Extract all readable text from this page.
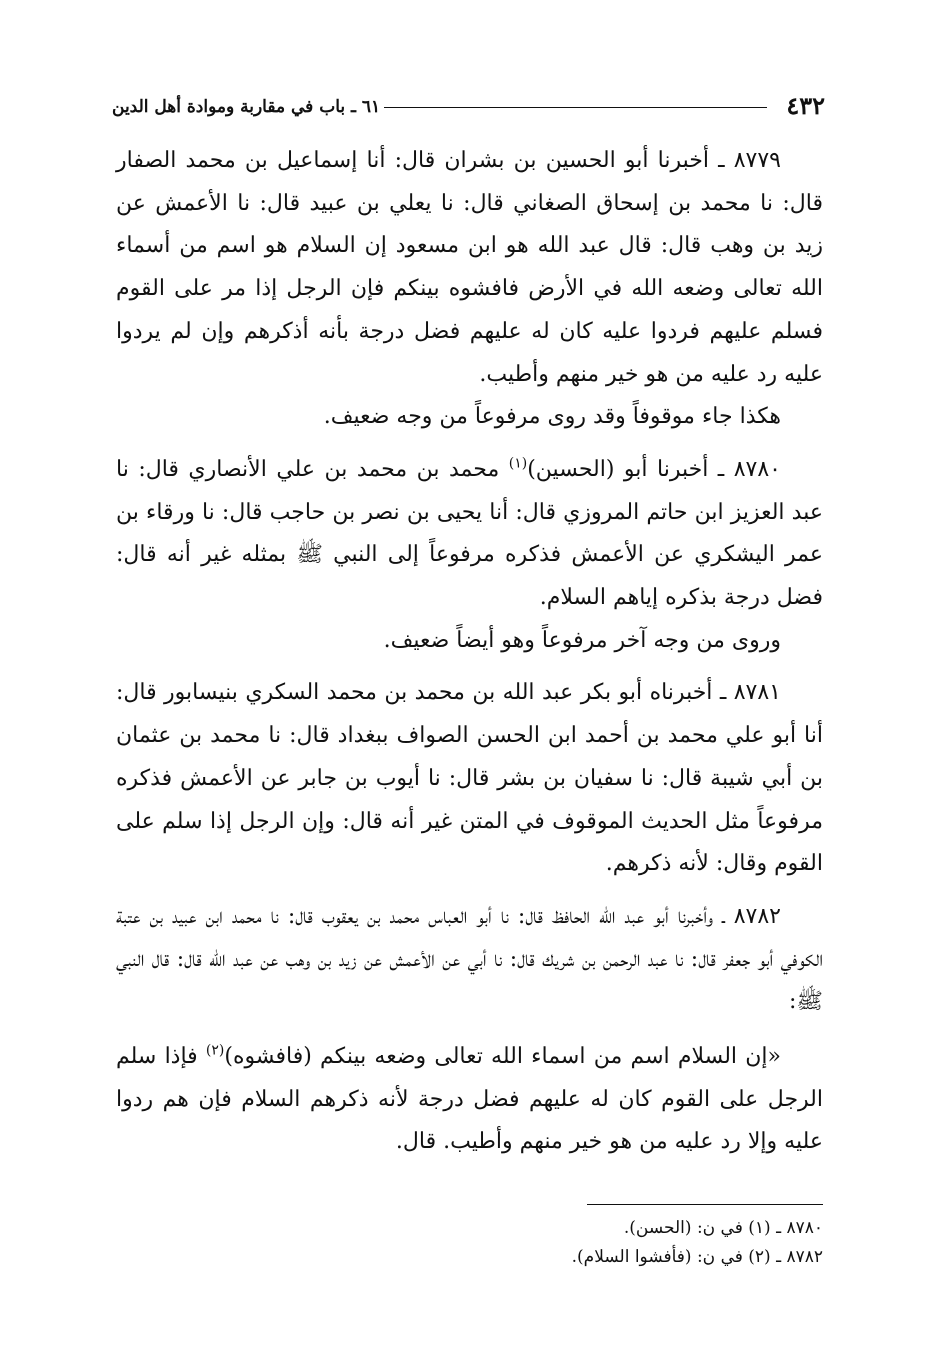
٤٣٢
٦١ ـ باب في مقاربة وموادة أهل الدين

٨٧٧٩ ـ أخبرنا أبو الحسين بن بشران قال: أنا إسماعيل بن محمد الصفار قال: نا محمد بن إسحاق الصغاني قال: نا يعلي بن عبيد قال: نا الأعمش عن زيد بن وهب قال: قال عبد الله هو ابن مسعود إن السلام هو اسم من أسماء الله تعالى وضعه الله في الأرض فافشوه بينكم فإن الرجل إذا مر على القوم فسلم عليهم فردوا عليه كان له عليهم فضل درجة بأنه أذكرهم وإن لم يردوا عليه رد عليه من هو خير منهم وأطيب.

هكذا جاء موقوفاً وقد روى مرفوعاً من وجه ضعيف.

٨٧٨٠ ـ أخبرنا أبو (الحسين)$^{(١)}$ محمد بن محمد بن علي الأنصاري قال: نا عبد العزيز ابن حاتم المروزي قال: أنا يحيى بن نصر بن حاجب قال: نا ورقاء بن عمر اليشكري عن الأعمش فذكره مرفوعاً إلى النبي ﷺ بمثله غير أنه قال: فضل درجة بذكره إياهم السلام.

وروى من وجه آخر مرفوعاً وهو أيضاً ضعيف.

٨٧٨١ ـ أخبرناه أبو بكر عبد الله بن محمد بن محمد السكري بنيسابور قال: أنا أبو علي محمد بن أحمد ابن الحسن الصواف ببغداد قال: نا محمد بن عثمان بن أبي شيبة قال: نا سفيان بن بشر قال: نا أيوب بن جابر عن الأعمش فذكره مرفوعاً مثل الحديث الموقوف في المتن غير أنه قال: وإن الرجل إذا سلم على القوم وقال: لأنه ذكرهم.

٨٧٨٢ ـ وأخبرنا أبو عبد الله الحافظ قال: نا أبو العباس محمد بن يعقوب قال: نا محمد ابن عبيد بن عتبة الكوفي أبو جعفر قال: نا عبد الرحمن بن شريك قال: نا أبي عن الأعمش عن زيد بن وهب عن عبد الله قال: قال النبي ﷺ:

«إن السلام اسم من اسماء الله تعالى وضعه بينكم (فافشوه)$^{(٢)}$ فإذا سلم الرجل على القوم كان له عليهم فضل درجة لأنه ذكرهم السلام فإن هم ردوا عليه وإلا رد عليه من هو خير منهم وأطيب. قال.

٨٧٨٠ ـ (١) في ن: (الحسن).

٨٧٨٢ ـ (٢) في ن: (فأفشوا السلام).
